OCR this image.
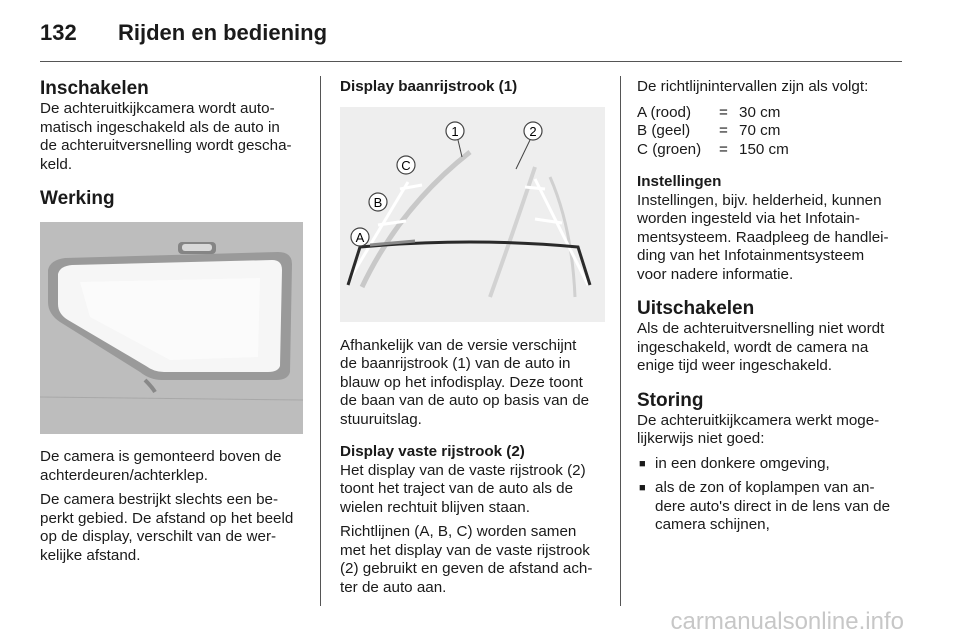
132	Rijden en bediening
Inschakelen

De achteruitkijkcamera wordt auto-

matisch ingeschakeld als de auto in

de achteruitversnelling wordt gescha-

keld.

Werking

De camera is gemonteerd boven de

achterdeuren/achterklep.

De camera bestrijkt slechts een be-

perkt gebied. De afstand op het beeld

op de display, verschilt van de wer-

kelijke afstand.

Display baanrijstrook (1)
1	2
C
B
A

Afhankelijk van de versie verschijnt

de baanrijstrook (1) van de auto in

blauw op het infodisplay. Deze toont

de baan van de auto op basis van de

stuuruitslag.

Display vaste rijstrook (2)

Het display van de vaste rijstrook (2)

toont het traject van de auto als de

wielen rechtuit blijven staan.

Richtlijnen (A, B, C) worden samen

met het display van de vaste rijstrook

(2) gebruikt en geven de afstand ach-

ter de auto aan.

De richtlijnintervallen zijn als volgt:

A (rood)	= 30 cm
B (geel)	= 70 cm
C (groen)	= 150 cm
Instellingen

Instellingen, bijv. helderheid, kunnen

worden ingesteld via het Infotain-

mentsysteem. Raadpleeg de handlei-

ding van het Infotainmentsysteem

voor nadere informatie.

Uitschakelen

Als de achteruitversnelling niet wordt

ingeschakeld, wordt de camera na

enige tijd weer ingeschakeld.

Storing

De achteruitkijkcamera werkt moge-

lijkerwijs niet goed:

■ in een donkere omgeving,
■ als de zon of koplampen van an-
dere auto's direct in de lens van de
camera schijnen,
carmanualsonline.info
